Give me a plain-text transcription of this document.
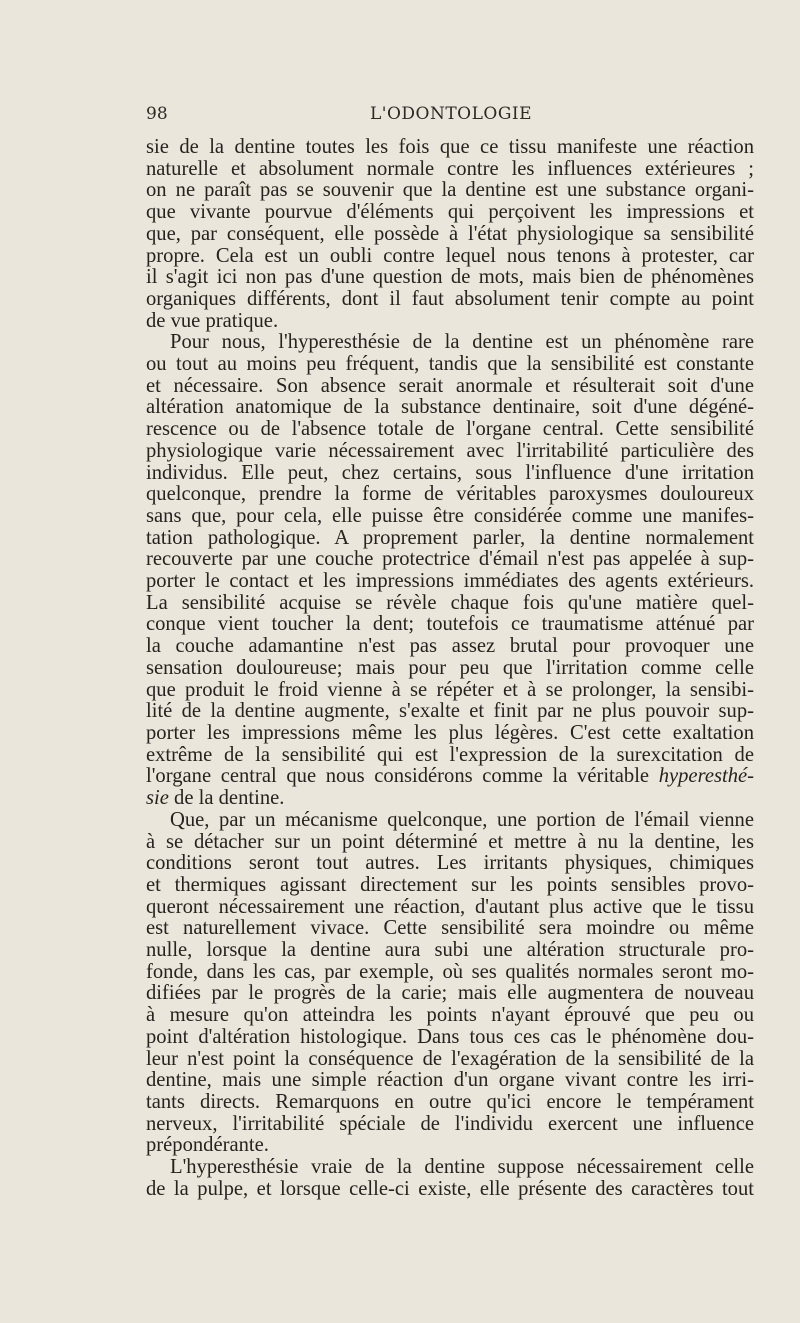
98	L'ODONTOLOGIE
sie de la dentine toutes les fois que ce tissu manifeste une réaction
naturelle et absolument normale contre les influences extérieures ;
on ne paraît pas se souvenir que la dentine est une substance organi-
que vivante pourvue d'éléments qui perçoivent les impressions et
que, par conséquent, elle possède à l'état physiologique sa sensibilité
propre. Cela est un oubli contre lequel nous tenons à protester, car
il s'agit ici non pas d'une question de mots, mais bien de phénomènes
organiques différents, dont il faut absolument tenir compte au point
de vue pratique.
Pour nous, l'hyperesthésie de la dentine est un phénomène rare
ou tout au moins peu fréquent, tandis que la sensibilité est constante
et nécessaire. Son absence serait anormale et résulterait soit d'une
altération anatomique de la substance dentinaire, soit d'une dégéné-
rescence ou de l'absence totale de l'organe central. Cette sensibilité
physiologique varie nécessairement avec l'irritabilité particulière des
individus. Elle peut, chez certains, sous l'influence d'une irritation
quelconque, prendre la forme de véritables paroxysmes douloureux
sans que, pour cela, elle puisse être considérée comme une manifes-
tation pathologique. A proprement parler, la dentine normalement
recouverte par une couche protectrice d'émail n'est pas appelée à sup-
porter le contact et les impressions immédiates des agents extérieurs.
La sensibilité acquise se révèle chaque fois qu'une matière quel-
conque vient toucher la dent; toutefois ce traumatisme atténué par
la couche adamantine n'est pas assez brutal pour provoquer une
sensation douloureuse; mais pour peu que l'irritation comme celle
que produit le froid vienne à se répéter et à se prolonger, la sensibi-
lité de la dentine augmente, s'exalte et finit par ne plus pouvoir sup-
porter les impressions même les plus légères. C'est cette exaltation
extrême de la sensibilité qui est l'expression de la surexcitation de
l'organe central que nous considérons comme la véritable hyperesthé-
sie de la dentine.
Que, par un mécanisme quelconque, une portion de l'émail vienne
à se détacher sur un point déterminé et mettre à nu la dentine, les
conditions seront tout autres. Les irritants physiques, chimiques
et thermiques agissant directement sur les points sensibles provo-
queront nécessairement une réaction, d'autant plus active que le tissu
est naturellement vivace. Cette sensibilité sera moindre ou même
nulle, lorsque la dentine aura subi une altération structurale pro-
fonde, dans les cas, par exemple, où ses qualités normales seront mo-
difiées par le progrès de la carie; mais elle augmentera de nouveau
à mesure qu'on atteindra les points n'ayant éprouvé que peu ou
point d'altération histologique. Dans tous ces cas le phénomène dou-
leur n'est point la conséquence de l'exagération de la sensibilité de la
dentine, mais une simple réaction d'un organe vivant contre les irri-
tants directs. Remarquons en outre qu'ici encore le tempérament
nerveux, l'irritabilité spéciale de l'individu exercent une influence
prépondérante.
L'hyperesthésie vraie de la dentine suppose nécessairement celle
de la pulpe, et lorsque celle-ci existe, elle présente des caractères tout
